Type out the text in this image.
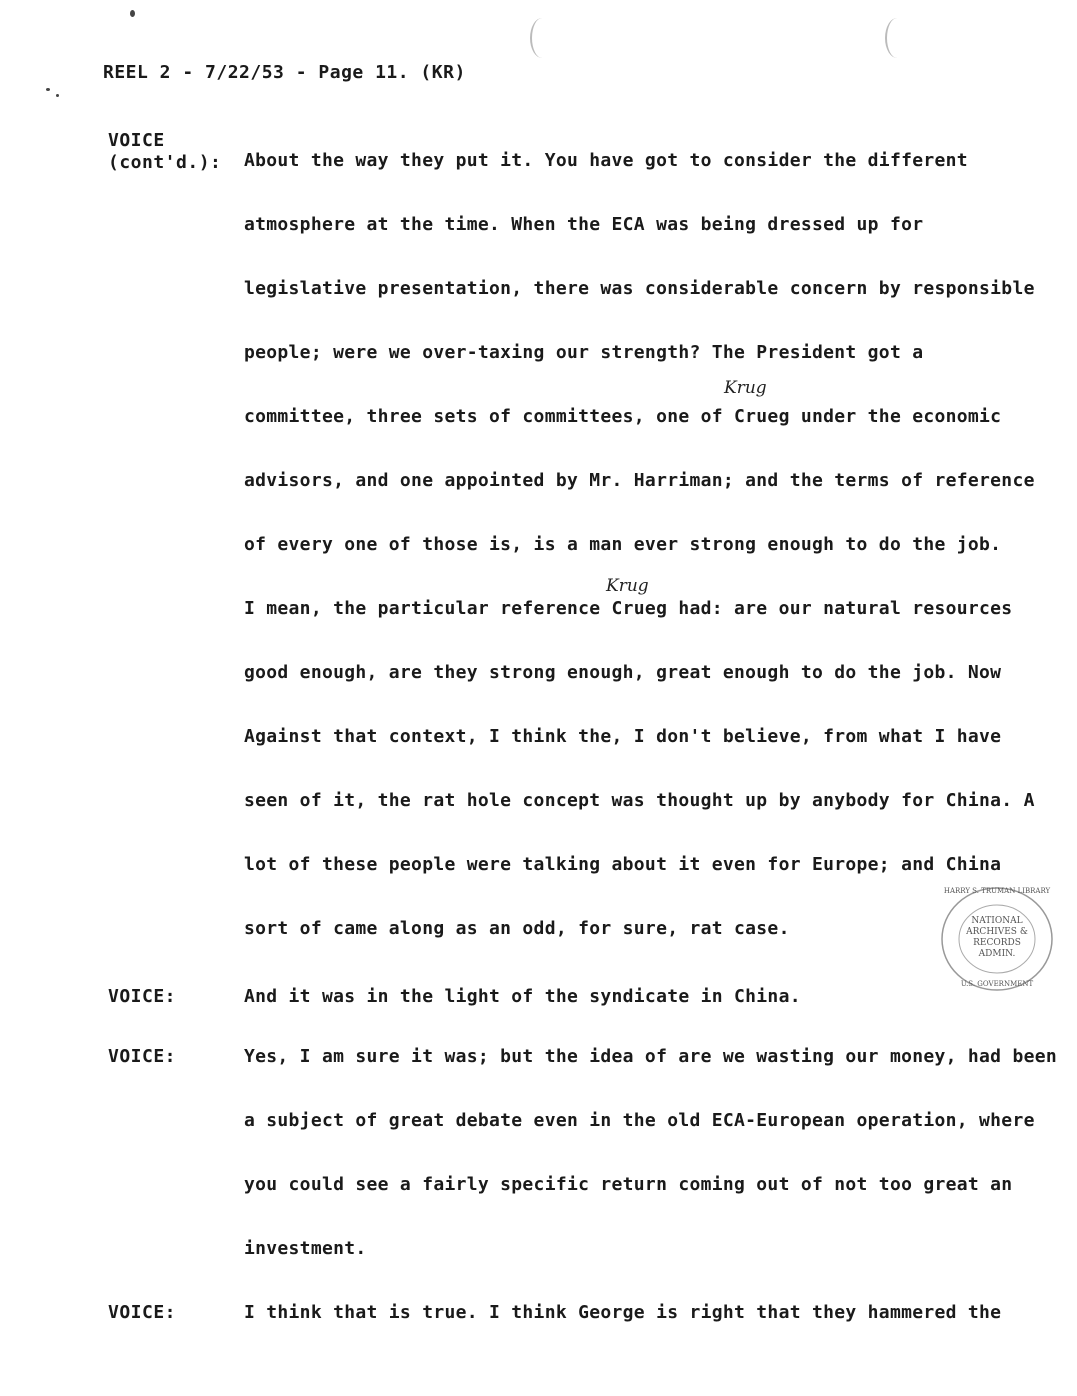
REEL 2 - 7/22/53 - Page 11. (KR)
VOICE
(cont'd.): About the way they put it. You have got to consider the different
atmosphere at the time. When the ECA was being dressed up for
legislative presentation, there was considerable concern by responsible
people; were we over-taxing our strength? The President got a
Krug
committee, three sets of committees, one of Crueg under the economic
advisors, and one appointed by Mr. Harriman; and the terms of reference
of every one of those is, is a man ever strong enough to do the job.
Krug
I mean, the particular reference Crueg had: are our natural resources
good enough, are they strong enough, great enough to do the job. Now
Against that context, I think the, I don't believe, from what I have
seen of it, the rat hole concept was thought up by anybody for China. A
lot of these people were talking about it even for Europe; and China
sort of came along as an odd, for sure, rat case.
VOICE:	And it was in the light of the syndicate in China.
VOICE:	Yes, I am sure it was; but the idea of are we wasting our money, had been
a subject of great debate even in the old ECA-European operation, where
you could see a fairly specific return coming out of not too great an
investment.
VOICE:	I think that is true. I think George is right that they hammered the
HARRY S. TRUMAN LIBRARY
NATIONAL
ARCHIVES &
RECORDS
ADMIN.
U.S. GOVERNMENT
